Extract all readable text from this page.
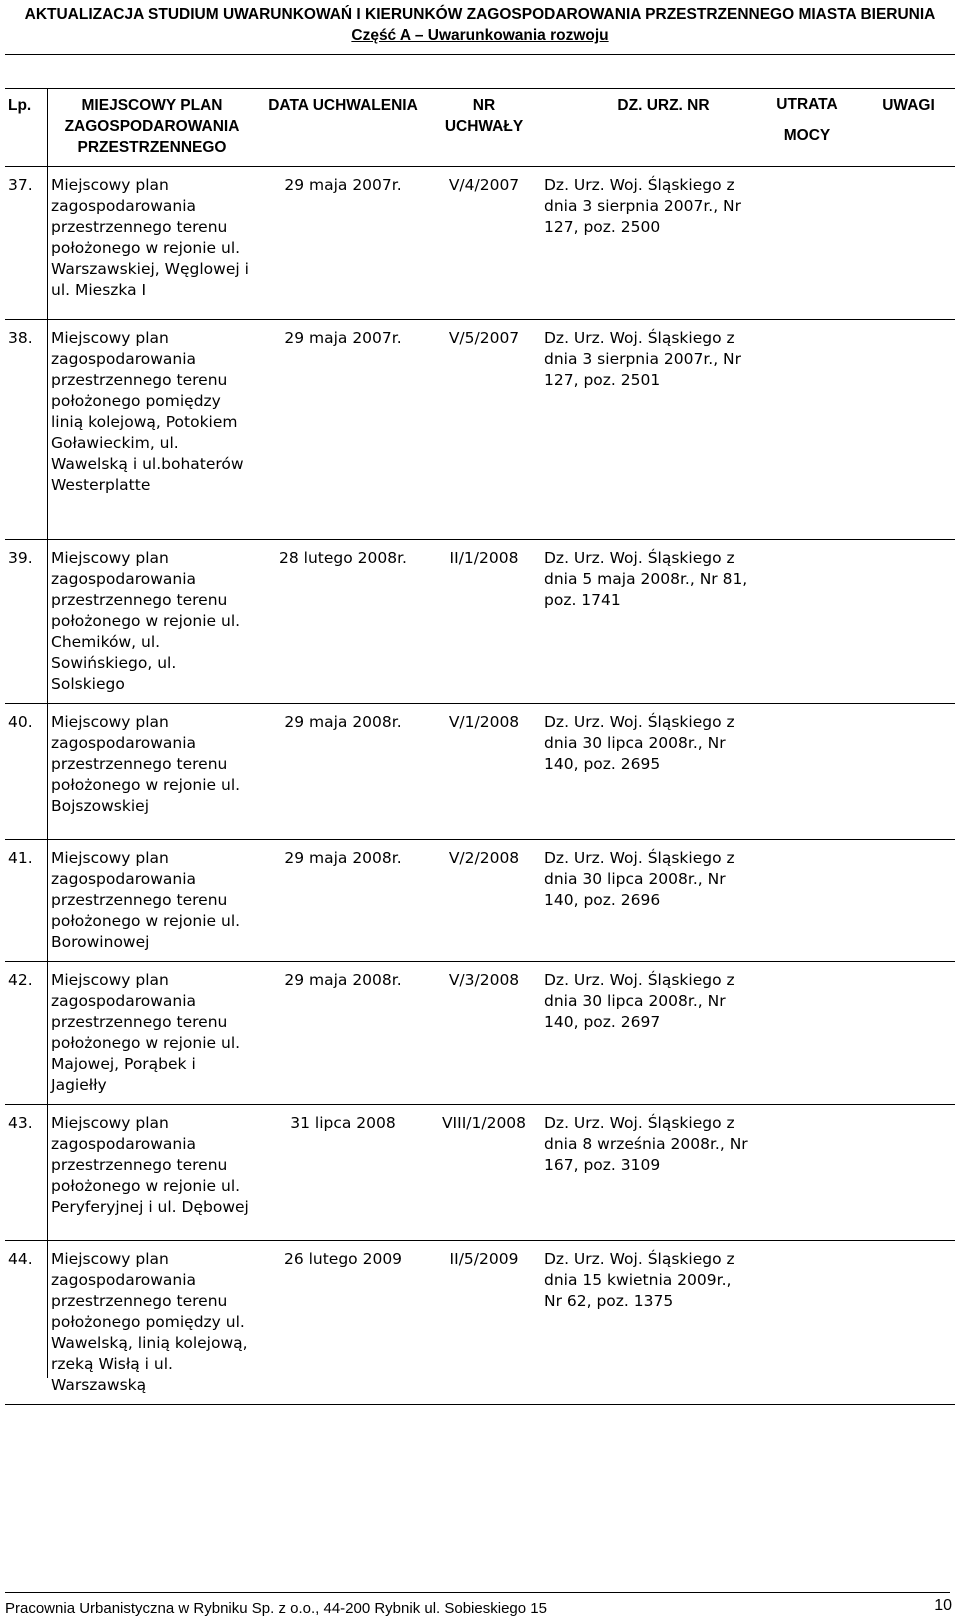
AKTUALIZACJA STUDIUM UWARUNKOWAŃ I KIERUNKÓW ZAGOSPODAROWANIA PRZESTRZENNEGO MIASTA BIERUNIA
Część A – Uwarunkowania rozwoju
Lp.	MIEJSCOWY PLAN ZAGOSPODAROWANIA PRZESTRZENNEGO	DATA UCHWALENIA	NR UCHWAŁY	DZ. URZ. NR	UTRATA MOCY	UWAGI
37.	Miejscowy plan zagospodarowania przestrzennego terenu położonego w rejonie ul. Warszawskiej, Węglowej i ul. Mieszka I	29 maja 2007r.	V/4/2007	Dz. Urz. Woj. Śląskiego z dnia 3 sierpnia 2007r., Nr 127, poz. 2500		
38.	Miejscowy plan zagospodarowania przestrzennego terenu położonego pomiędzy linią kolejową, Potokiem Goławieckim, ul. Wawelską i ul.bohaterów Westerplatte	29 maja 2007r.	V/5/2007	Dz. Urz. Woj. Śląskiego z dnia 3 sierpnia 2007r., Nr 127, poz. 2501		
39.	Miejscowy plan zagospodarowania przestrzennego terenu położonego w rejonie ul. Chemików, ul. Sowińskiego, ul. Solskiego	28 lutego 2008r.	II/1/2008	Dz. Urz. Woj. Śląskiego z dnia 5 maja 2008r., Nr 81, poz. 1741		
40.	Miejscowy plan zagospodarowania przestrzennego terenu położonego w rejonie ul. Bojszowskiej	29 maja 2008r.	V/1/2008	Dz. Urz. Woj. Śląskiego z dnia 30 lipca 2008r., Nr 140, poz. 2695		
41.	Miejscowy plan zagospodarowania przestrzennego terenu położonego w rejonie ul. Borowinowej	29 maja 2008r.	V/2/2008	Dz. Urz. Woj. Śląskiego z dnia 30 lipca 2008r., Nr 140, poz. 2696		
42.	Miejscowy plan zagospodarowania przestrzennego terenu położonego w rejonie ul. Majowej, Porąbek i Jagiełły	29 maja 2008r.	V/3/2008	Dz. Urz. Woj. Śląskiego z dnia 30 lipca 2008r., Nr 140, poz. 2697		
43.	Miejscowy plan zagospodarowania przestrzennego terenu położonego w rejonie ul. Peryferyjnej i ul. Dębowej	31 lipca 2008	VIII/1/2008	Dz. Urz. Woj. Śląskiego z dnia 8 września 2008r., Nr 167, poz. 3109		
44.	Miejscowy plan zagospodarowania przestrzennego terenu położonego pomiędzy ul. Wawelską, linią kolejową, rzeką Wisłą i ul. Warszawską	26 lutego 2009	II/5/2009	Dz. Urz. Woj. Śląskiego z dnia 15 kwietnia 2009r., Nr 62, poz. 1375		
Pracownia Urbanistyczna w Rybniku Sp. z o.o., 44-200 Rybnik ul. Sobieskiego 15	10
